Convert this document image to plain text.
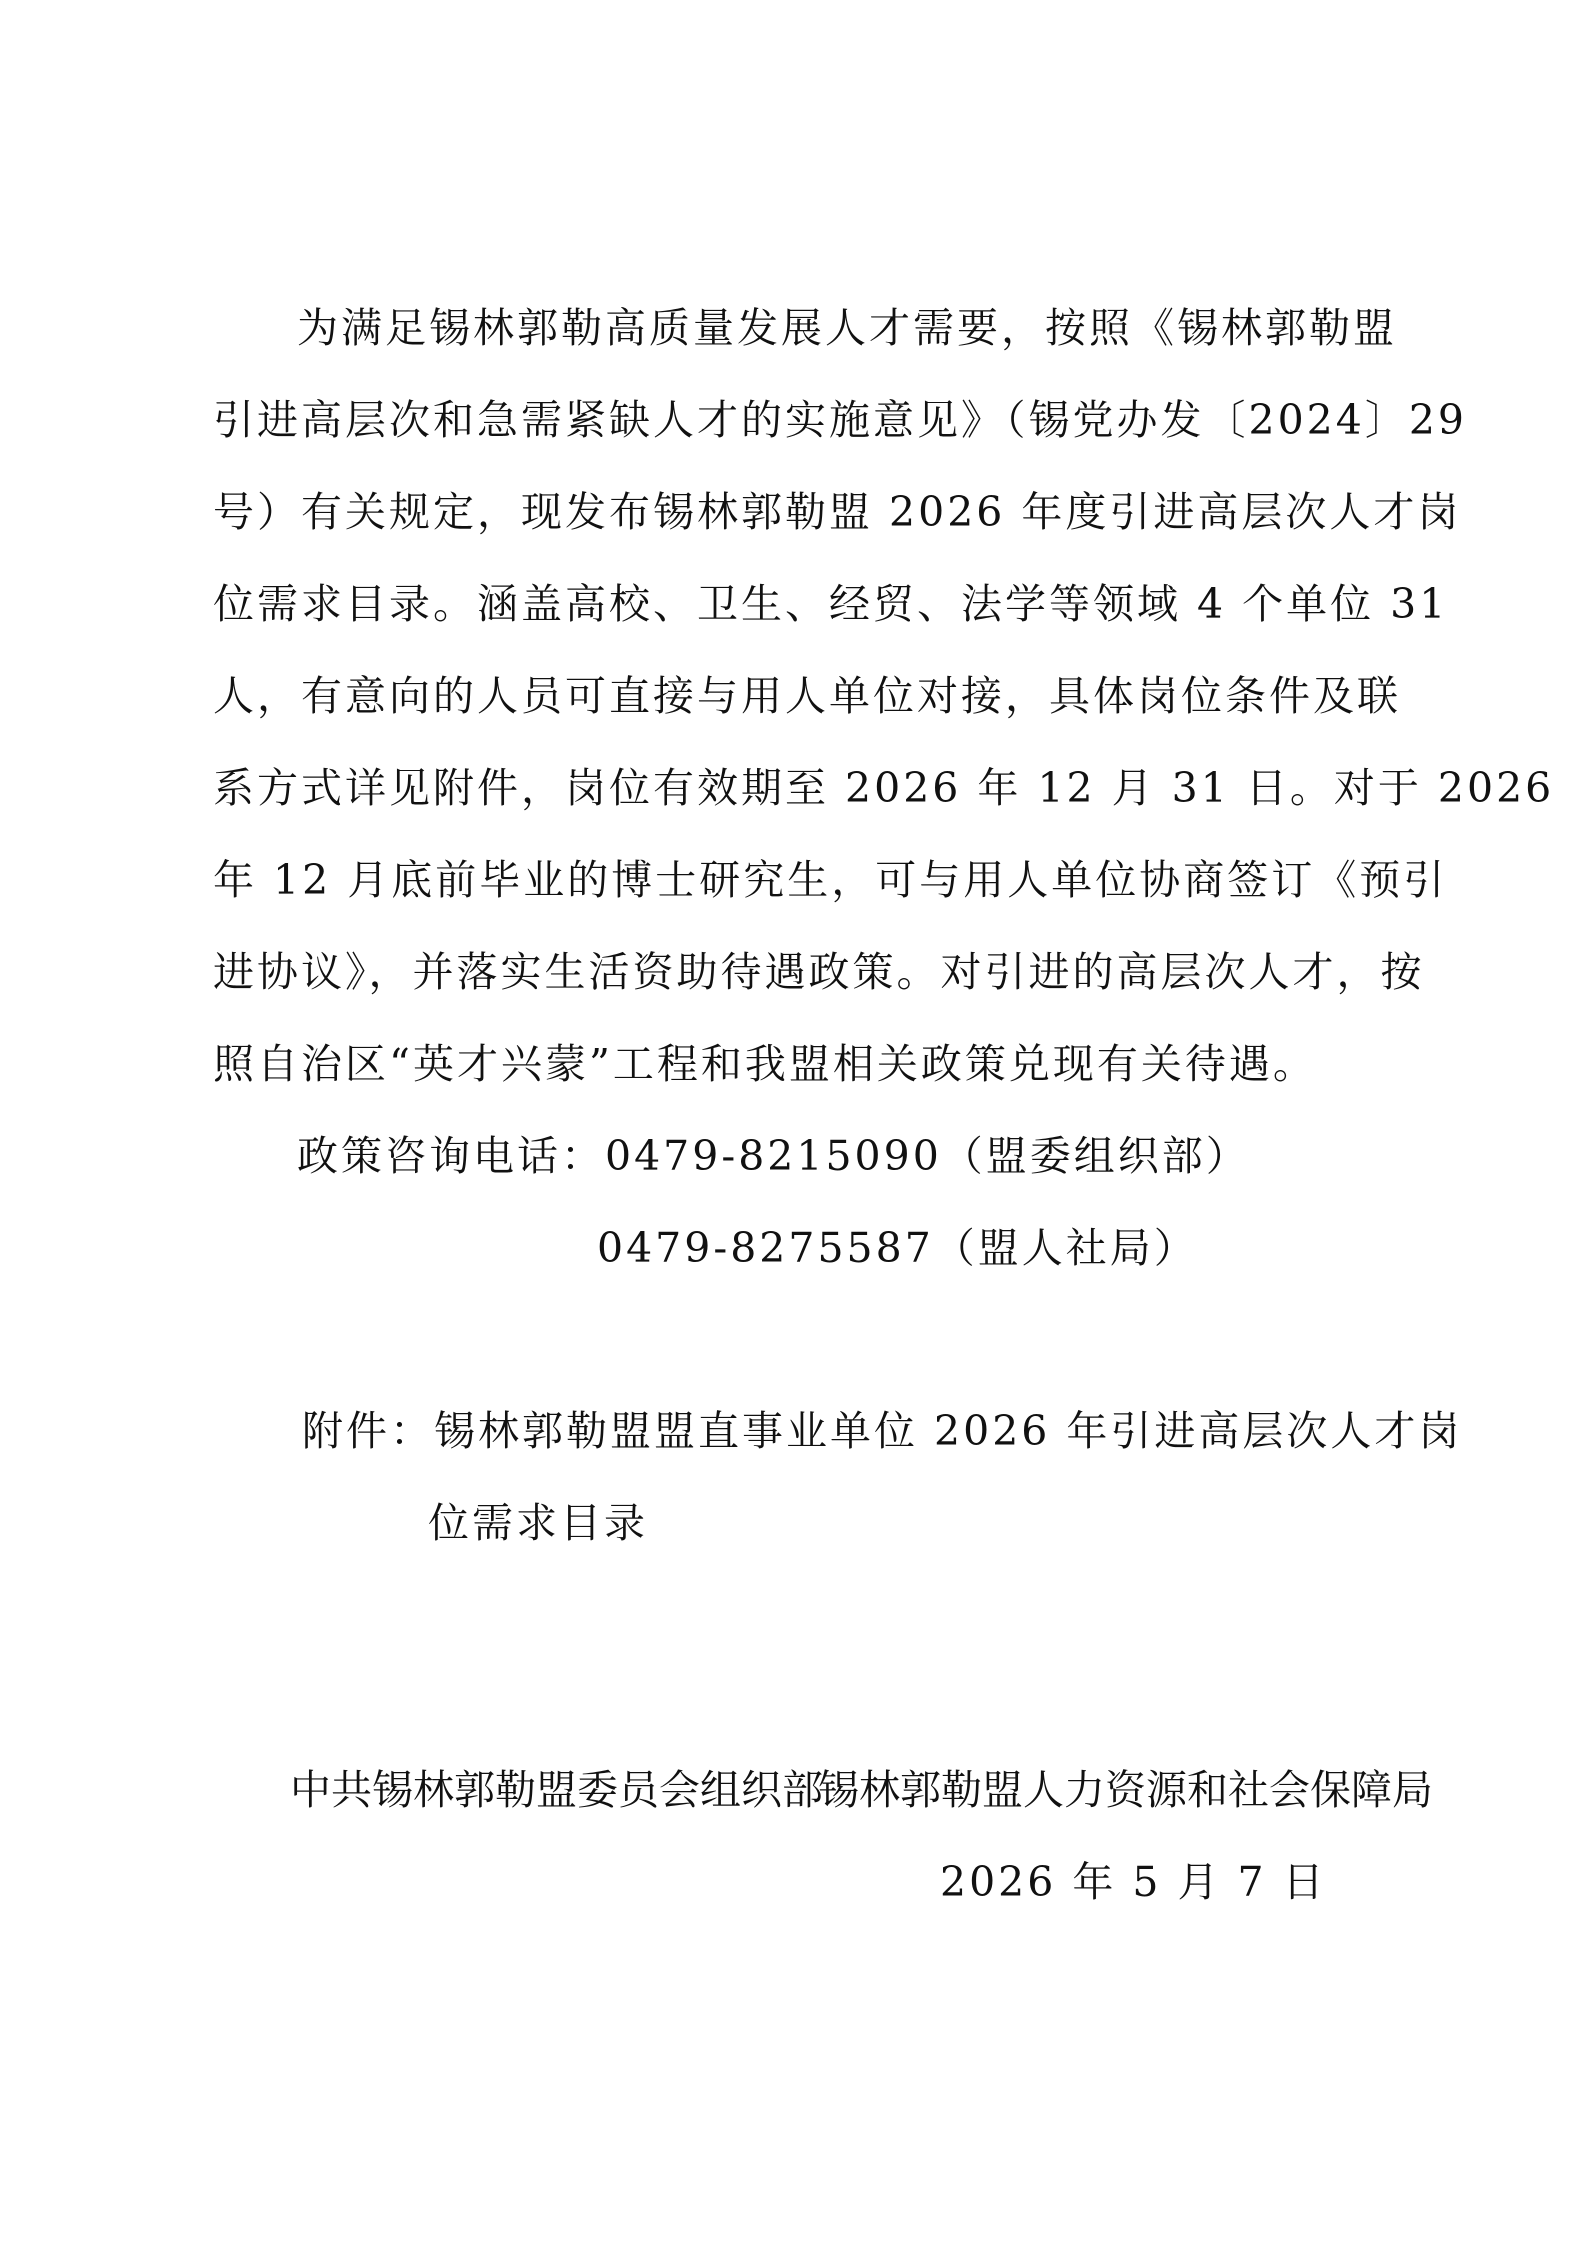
为满足锡林郭勒高质量发展人才需要，按照《锡林郭勒盟
引进高层次和急需紧缺人才的实施意见》（锡党办发〔2024〕29
号）有关规定，现发布锡林郭勒盟 2026 年度引进高层次人才岗
位需求目录。涵盖高校、卫生、经贸、法学等领域 4 个单位 31
人，有意向的人员可直接与用人单位对接，具体岗位条件及联
系方式详见附件，岗位有效期至 2026 年 12 月 31 日。对于 2026
年 12 月底前毕业的博士研究生，可与用人单位协商签订《预引
进协议》，并落实生活资助待遇政策。对引进的高层次人才，按
照自治区“英才兴蒙”工程和我盟相关政策兑现有关待遇。
政策咨询电话：0479-8215090（盟委组织部）
0479-8275587（盟人社局）
附件：锡林郭勒盟盟直事业单位 2026 年引进高层次人才岗
位需求目录
中共锡林郭勒盟委员会组织部
锡林郭勒盟人力资源和社会保障局
2026 年 5 月 7 日
